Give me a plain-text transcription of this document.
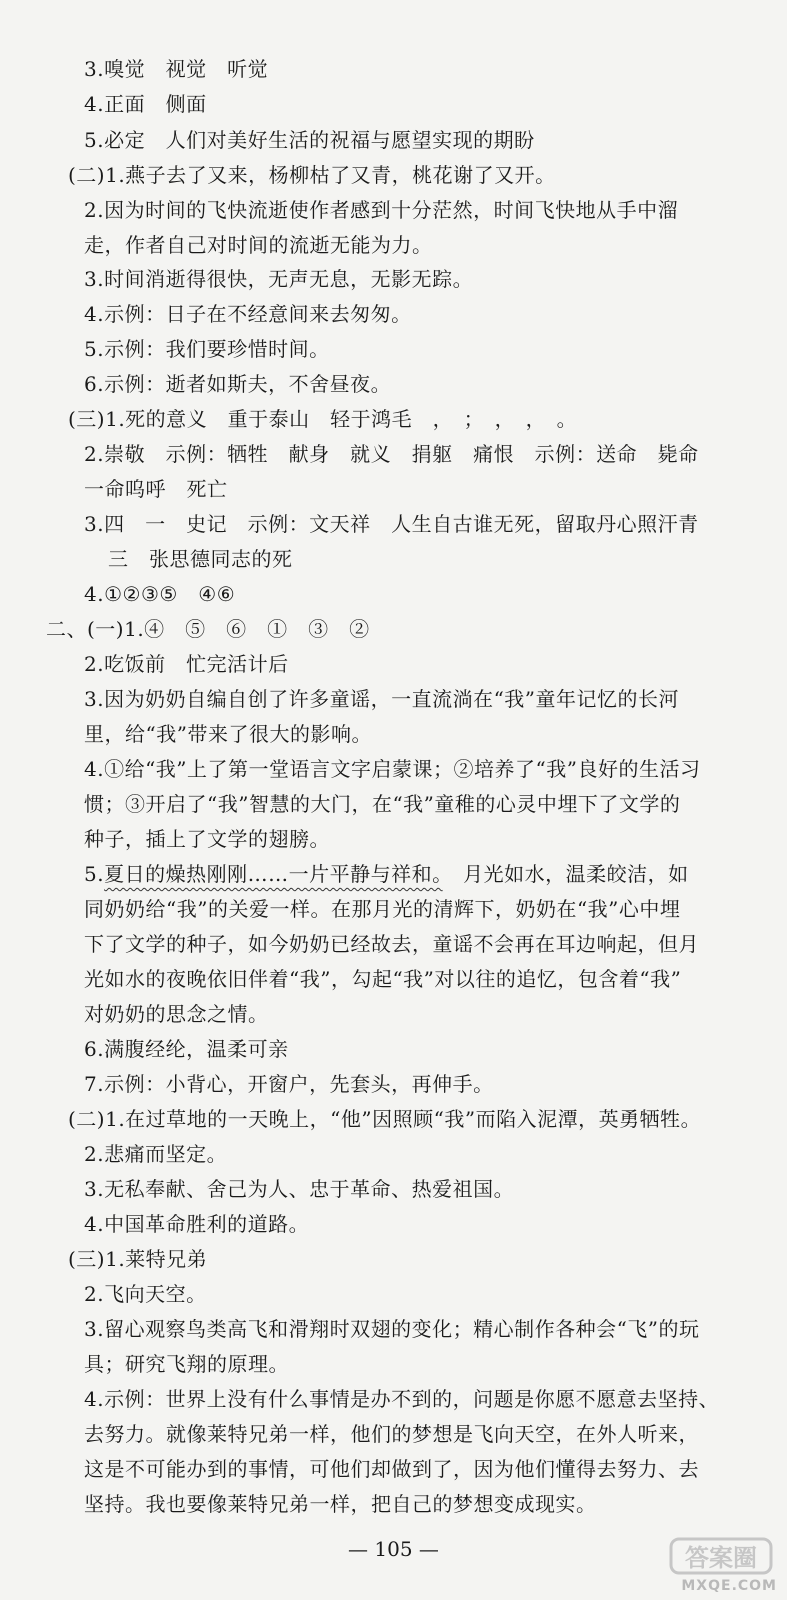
3.嗅觉　视觉　听觉
4.正面　侧面
5.必定　人们对美好生活的祝福与愿望实现的期盼
(二)1.燕子去了又来，杨柳枯了又青，桃花谢了又开。
2.因为时间的飞快流逝使作者感到十分茫然，时间飞快地从手中溜
走，作者自己对时间的流逝无能为力。
3.时间消逝得很快，无声无息，无影无踪。
4.示例：日子在不经意间来去匆匆。
5.示例：我们要珍惜时间。
6.示例：逝者如斯夫，不舍昼夜。
(三)1.死的意义　重于泰山　轻于鸿毛　，　；　，　，　。
2.崇敬　示例：牺牲　献身　就义　捐躯　痛恨　示例：送命　毙命
一命呜呼　死亡
3.四　一　史记　示例：文天祥　人生自古谁无死，留取丹心照汗青
三　张思德同志的死
4.①②③⑤　④⑥
二、(一)1.④　⑤　⑥　①　③　②
2.吃饭前　忙完活计后
3.因为奶奶自编自创了许多童谣，一直流淌在“我”童年记忆的长河
里，给“我”带来了很大的影响。
4.①给“我”上了第一堂语言文字启蒙课；②培养了“我”良好的生活习
惯；③开启了“我”智慧的大门，在“我”童稚的心灵中埋下了文学的
种子，插上了文学的翅膀。
5.夏日的燥热刚刚……一片平静与祥和。　月光如水，温柔皎洁，如
同奶奶给“我”的关爱一样。在那月光的清辉下，奶奶在“我”心中埋
下了文学的种子，如今奶奶已经故去，童谣不会再在耳边响起，但月
光如水的夜晚依旧伴着“我”，勾起“我”对以往的追忆，包含着“我”
对奶奶的思念之情。
6.满腹经纶，温柔可亲
7.示例：小背心，开窗户，先套头，再伸手。
(二)1.在过草地的一天晚上，“他”因照顾“我”而陷入泥潭，英勇牺牲。
2.悲痛而坚定。
3.无私奉献、舍己为人、忠于革命、热爱祖国。
4.中国革命胜利的道路。
(三)1.莱特兄弟
2.飞向天空。
3.留心观察鸟类高飞和滑翔时双翅的变化；精心制作各种会“飞”的玩
具；研究飞翔的原理。
4.示例：世界上没有什么事情是办不到的，问题是你愿不愿意去坚持、
去努力。就像莱特兄弟一样，他们的梦想是飞向天空，在外人听来，
这是不可能办到的事情，可他们却做到了，因为他们懂得去努力、去
坚持。我也要像莱特兄弟一样，把自己的梦想变成现实。
— 105 —	答案圈
MXQE.COM
